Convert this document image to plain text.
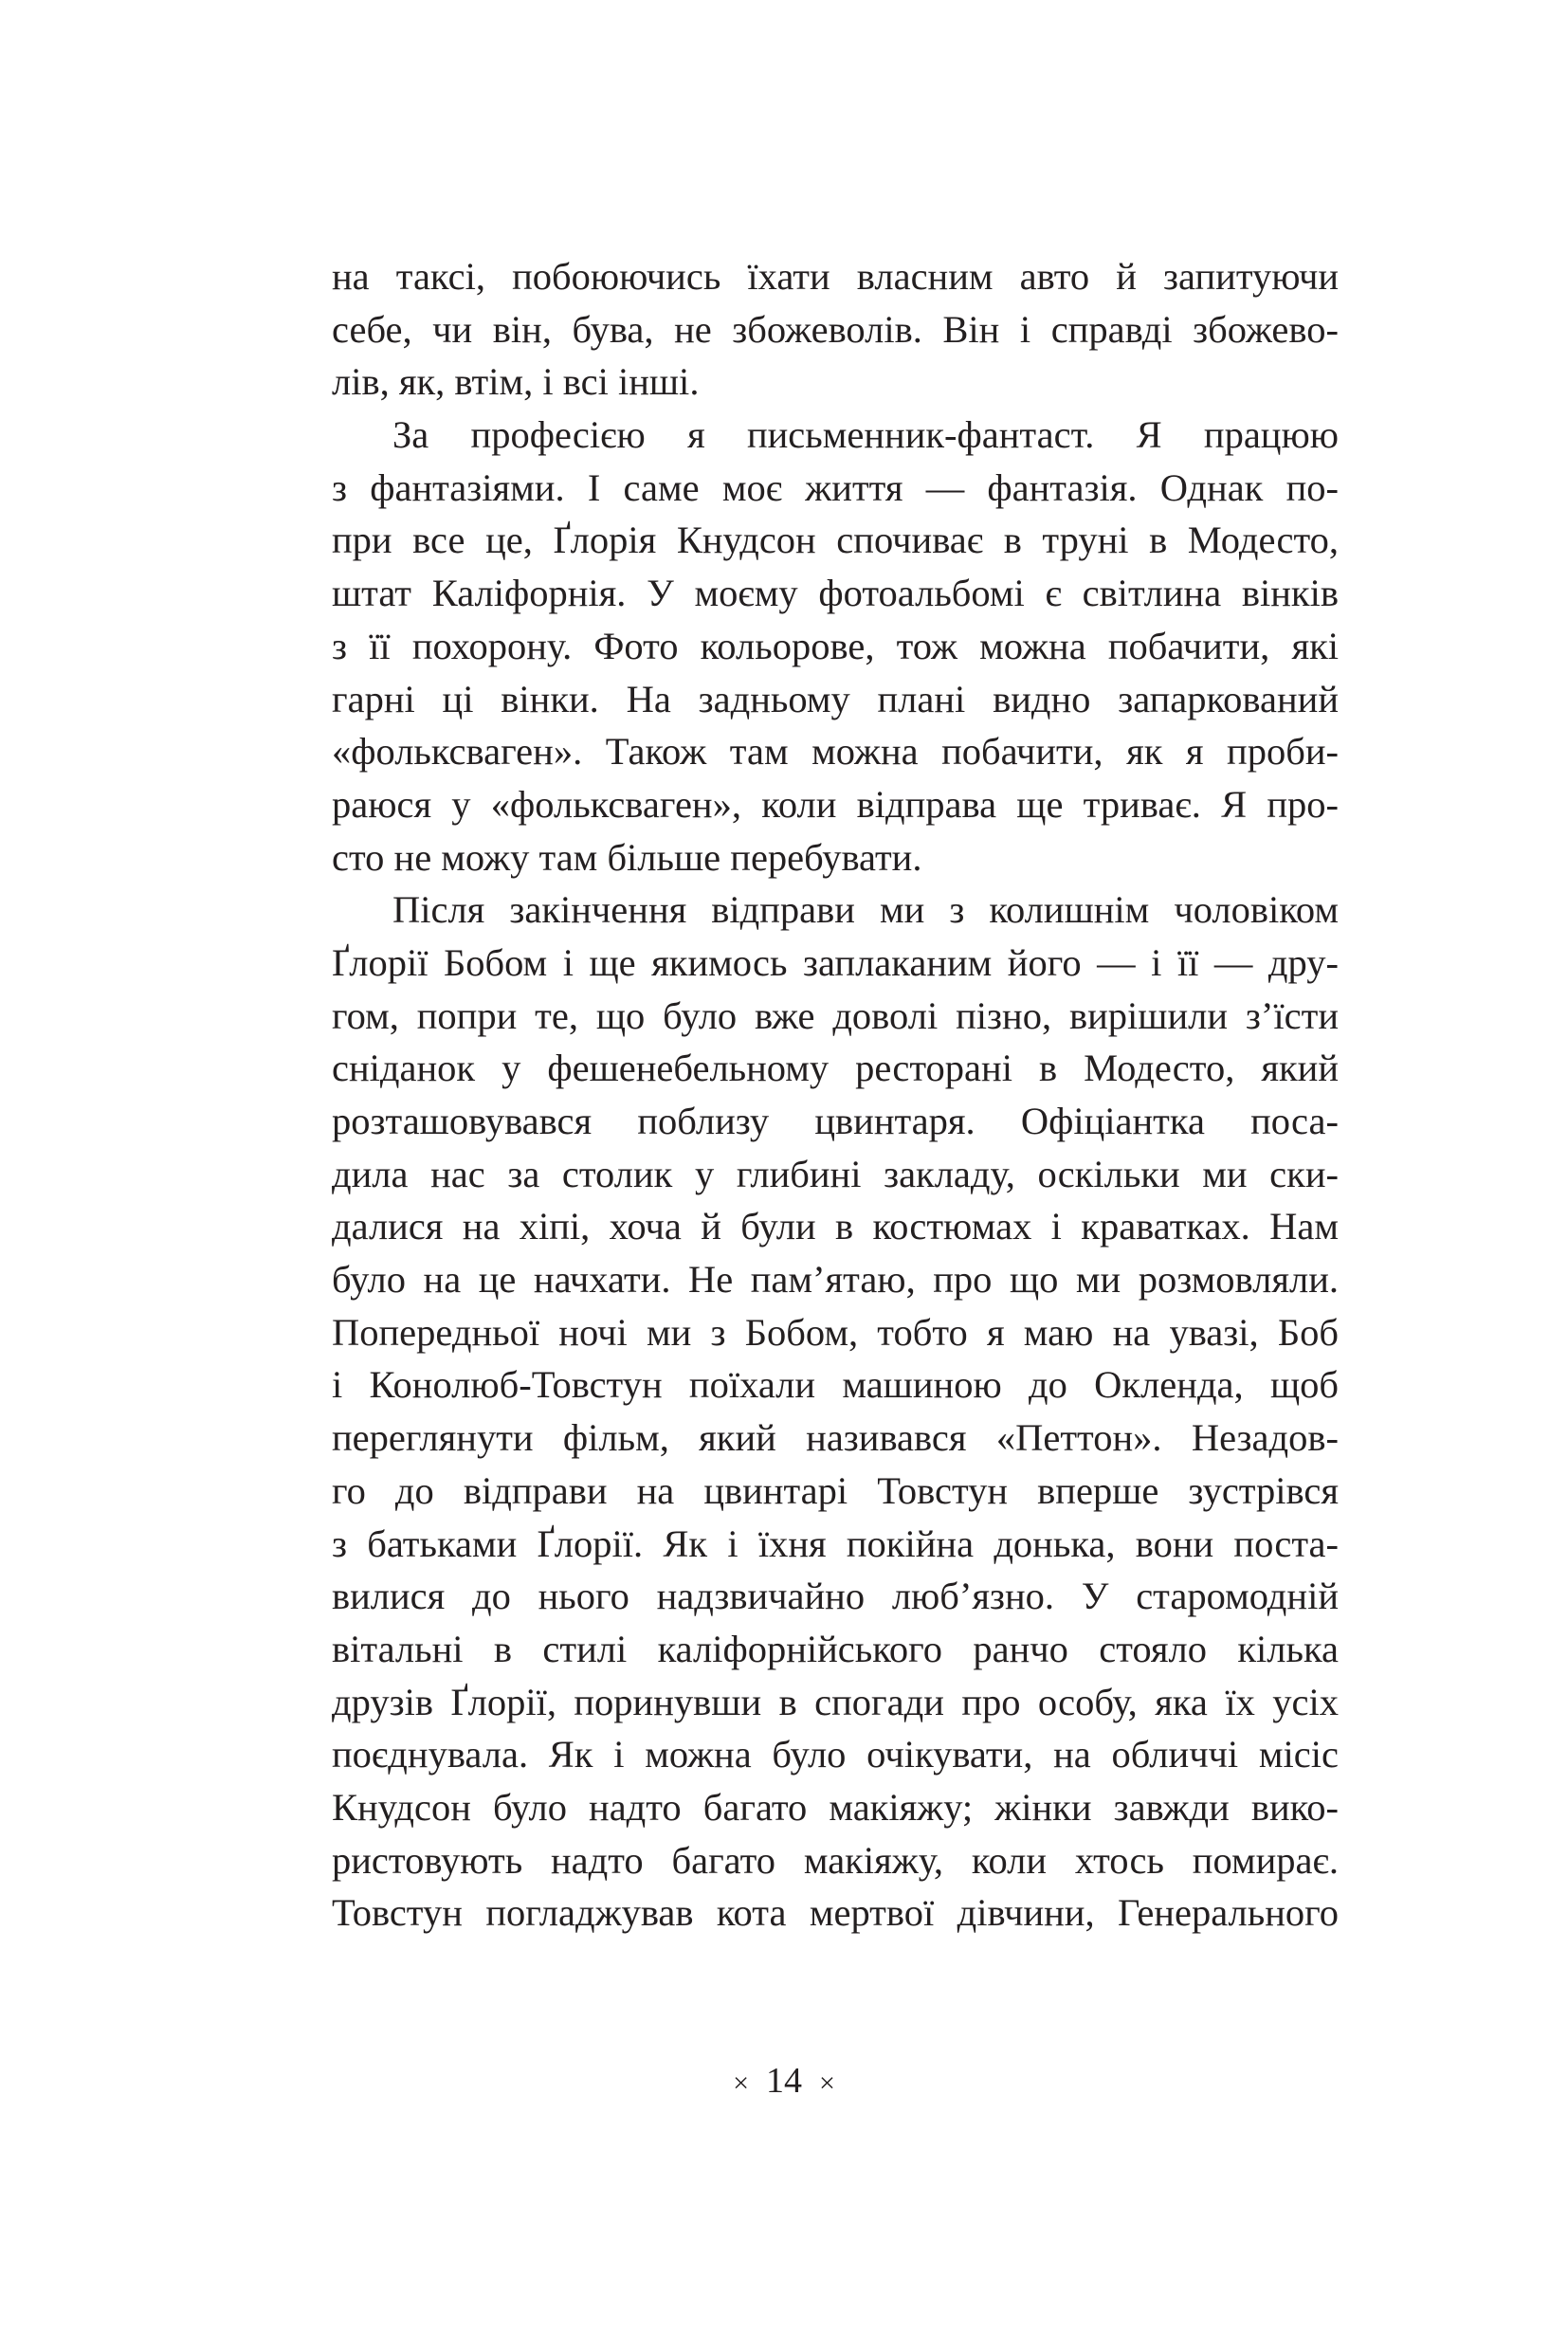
на таксі, побоюючись їхати власним авто й запитуючи
себе, чи він, бува, не збожеволів. Він і справді збожево-
лів, як, втім, і всі інші.
За професією я письменник-фантаст. Я працюю
з фантазіями. І саме моє життя — фантазія. Однак по-
при все це, Ґлорія Кнудсон спочиває в труні в Модесто,
штат Каліфорнія. У моєму фотоальбомі є світлина вінків
з її похорону. Фото кольорове, тож можна побачити, які
гарні ці вінки. На задньому плані видно запаркований
«фольксваген». Також там можна побачити, як я проби-
раюся у «фольксваген», коли відправа ще триває. Я про-
сто не можу там більше перебувати.
Після закінчення відправи ми з колишнім чоловіком
Ґлорії Бобом і ще якимось заплаканим його — і її — дру-
гом, попри те, що було вже доволі пізно, вирішили з’їсти
сніданок у фешенебельному ресторані в Модесто, який
розташовувався поблизу цвинтаря. Офіціантка поса-
дила нас за столик у глибині закладу, оскільки ми ски-
далися на хіпі, хоча й були в костюмах і краватках. Нам
було на це начхати. Не пам’ятаю, про що ми розмовляли.
Попередньої ночі ми з Бобом, тобто я маю на увазі, Боб
і Конолюб-Товстун поїхали машиною до Окленда, щоб
переглянути фільм, який називався «Петтон». Незадов-
го до відправи на цвинтарі Товстун вперше зустрівся
з батьками Ґлорії. Як і їхня покійна донька, вони поста-
вилися до нього надзвичайно люб’язно. У старомодній
вітальні в стилі каліфорнійського ранчо стояло кілька
друзів Ґлорії, поринувши в спогади про особу, яка їх усіх
поєднувала. Як і можна було очікувати, на обличчі місіс
Кнудсон було надто багато макіяжу; жінки завжди вико-
ристовують надто багато макіяжу, коли хтось помирає.
Товстун погладжував кота мертвої дівчини, Генерального
× 14 ×
